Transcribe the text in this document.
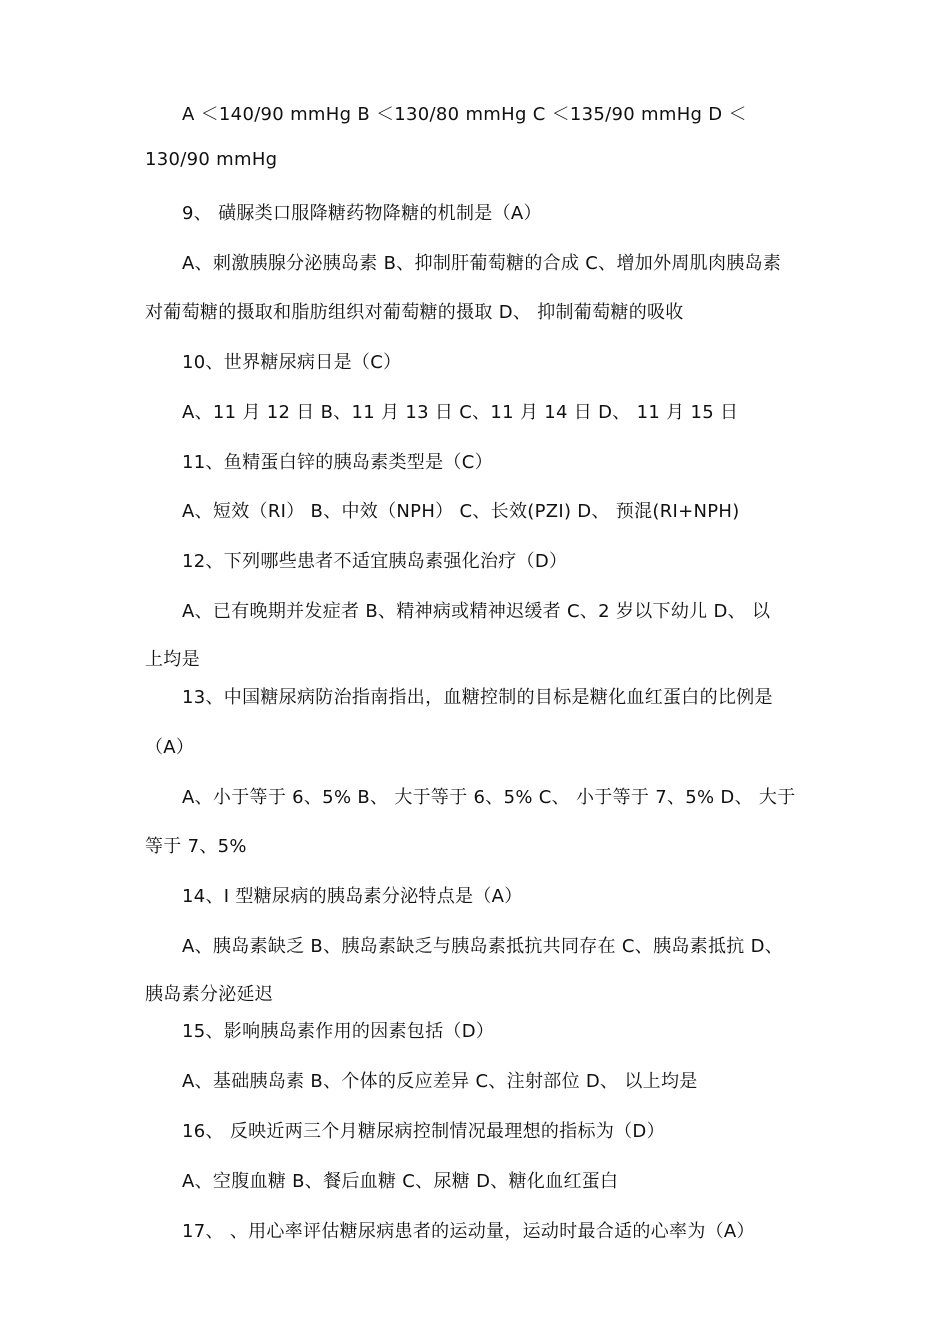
A ＜140/90 mmHg B ＜130/80 mmHg C ＜135/90 mmHg D ＜
130/90 mmHg
9、 磺脲类口服降糖药物降糖的机制是（A）
A、刺激胰腺分泌胰岛素 B、抑制肝葡萄糖的合成 C、增加外周肌肉胰岛素
对葡萄糖的摄取和脂肪组织对葡萄糖的摄取 D、 抑制葡萄糖的吸收
10、世界糖尿病日是（C）
A、11 月 12 日 B、11 月 13 日 C、11 月 14 日 D、 11 月 15 日
11、鱼精蛋白锌的胰岛素类型是（C）
A、短效（RI） B、中效（NPH） C、长效(PZI) D、 预混(RI+NPH)
12、下列哪些患者不适宜胰岛素强化治疗（D）
A、已有晚期并发症者 B、精神病或精神迟缓者 C、2 岁以下幼儿 D、 以
上均是
13、中国糖尿病防治指南指出，血糖控制的目标是糖化血红蛋白的比例是
（A）
A、小于等于 6、5% B、 大于等于 6、5% C、 小于等于 7、5% D、 大于
等于 7、5%
14、I 型糖尿病的胰岛素分泌特点是（A）
A、胰岛素缺乏 B、胰岛素缺乏与胰岛素抵抗共同存在 C、胰岛素抵抗 D、
胰岛素分泌延迟
15、影响胰岛素作用的因素包括（D）
A、基础胰岛素 B、个体的反应差异 C、注射部位 D、 以上均是
16、 反映近两三个月糖尿病控制情况最理想的指标为（D）
A、空腹血糖 B、餐后血糖 C、尿糖 D、糖化血红蛋白
17、 、用心率评估糖尿病患者的运动量，运动时最合适的心率为（A）
